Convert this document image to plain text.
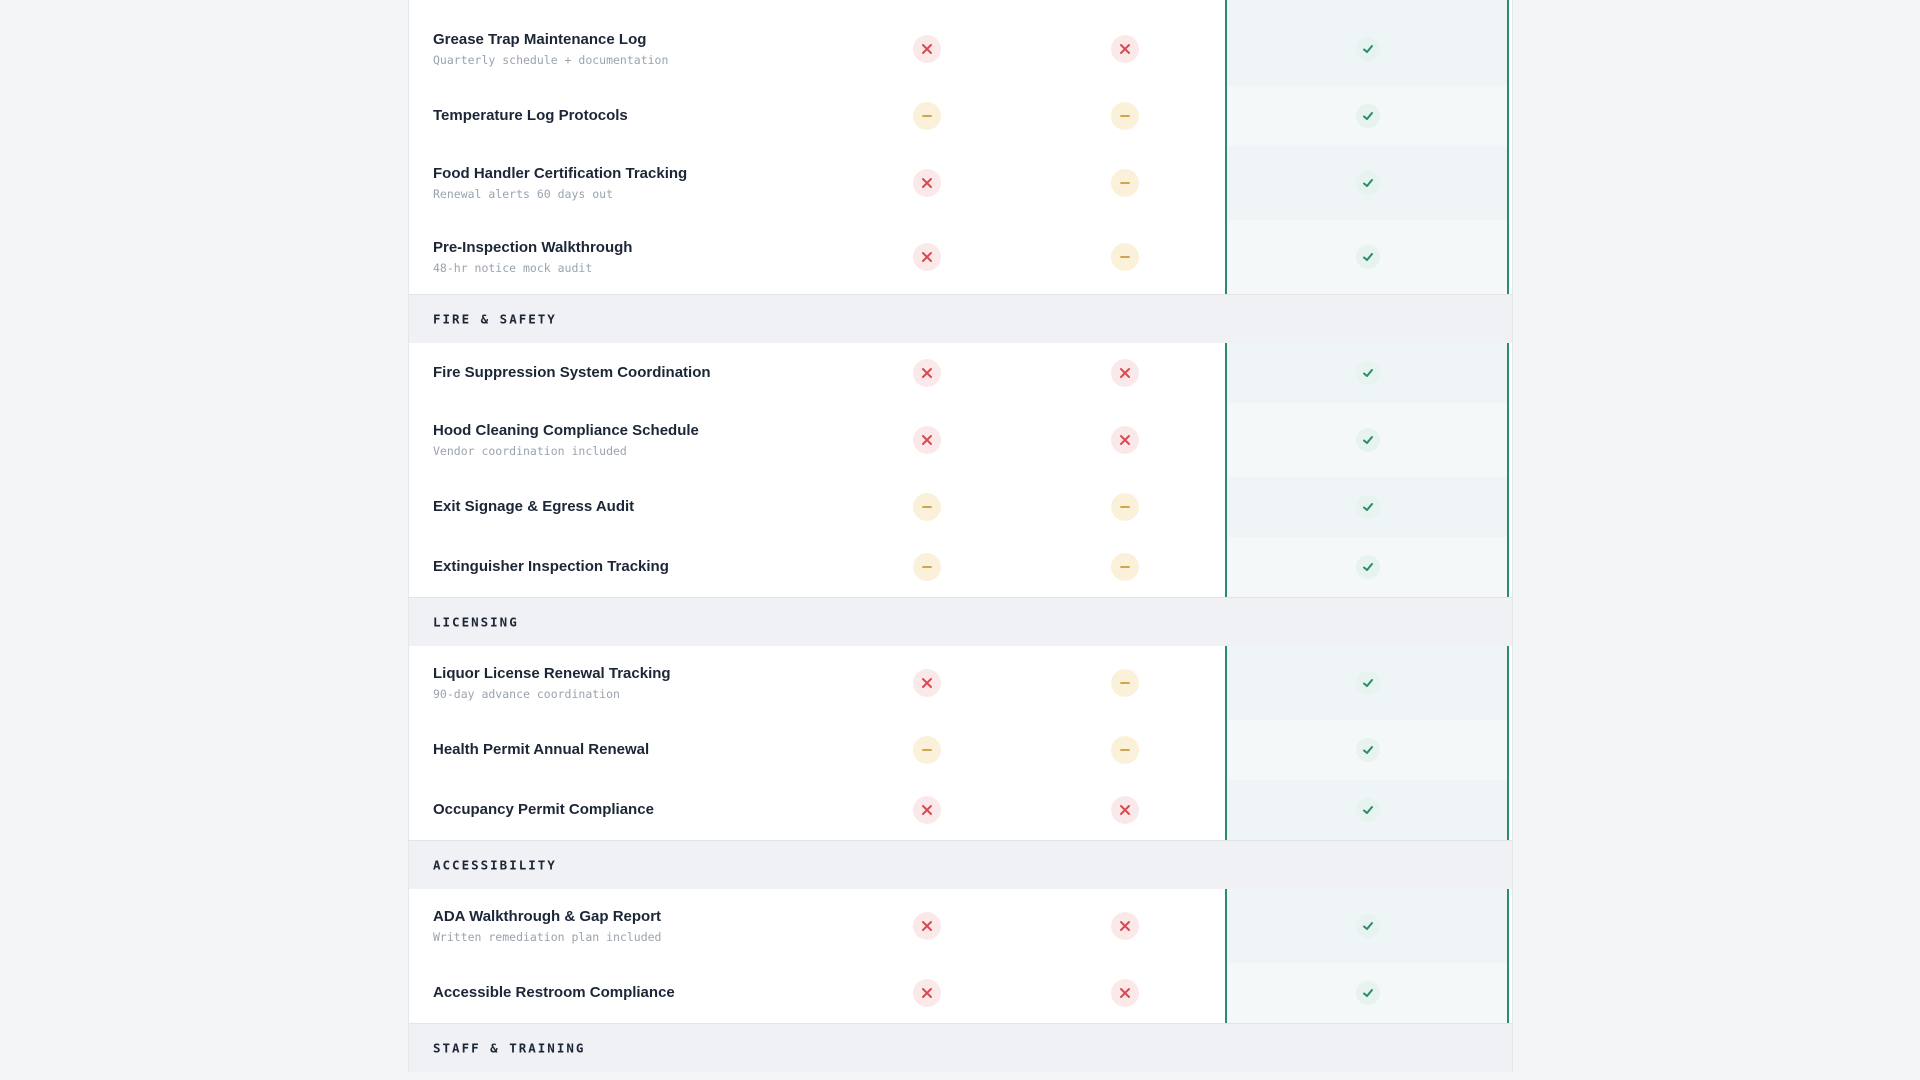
Grease Trap Maintenance Log
Quarterly schedule + documentation
Temperature Log Protocols
Food Handler Certification Tracking
Renewal alerts 60 days out
Pre-Inspection Walkthrough
48-hr notice mock audit
FIRE & SAFETY
Fire Suppression System Coordination
Hood Cleaning Compliance Schedule
Vendor coordination included
Exit Signage & Egress Audit
Extinguisher Inspection Tracking
LICENSING
Liquor License Renewal Tracking
90-day advance coordination
Health Permit Annual Renewal
Occupancy Permit Compliance
ACCESSIBILITY
ADA Walkthrough & Gap Report
Written remediation plan included
Accessible Restroom Compliance
STAFF & TRAINING
